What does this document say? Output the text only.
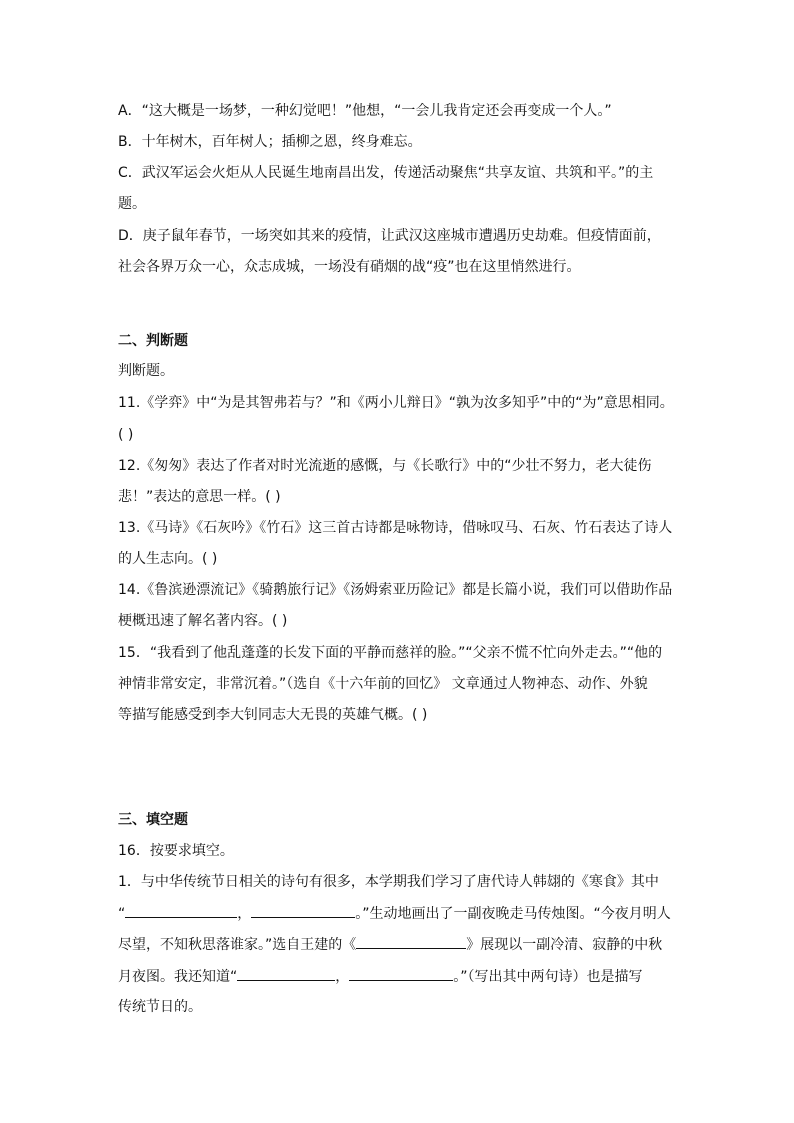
A．“这大概是一场梦，一种幻觉吧！”他想，“一会儿我肯定还会再变成一个人。”
B．十年树木，百年树人；插柳之恩，终身难忘。
C．武汉军运会火炬从人民诞生地南昌出发，传递活动聚焦“共享友谊、共筑和平。”的主
题。
D．庚子鼠年春节，一场突如其来的疫情，让武汉这座城市遭遇历史劫难。但疫情面前，
社会各界万众一心，众志成城，一场没有硝烟的战“疫”也在这里悄然进行。
二、判断题
判断题。
11.《学弈》中“为是其智弗若与？”和《两小儿辩日》“孰为汝多知乎”中的“为”意思相同。
( )
12.《匆匆》表达了作者对时光流逝的感慨，与《长歌行》中的“少壮不努力，老大徒伤
悲！”表达的意思一样。( )
13.《马诗》《石灰吟》《竹石》这三首古诗都是咏物诗，借咏叹马、石灰、竹石表达了诗人
的人生志向。( )
14.《鲁滨逊漂流记》《骑鹅旅行记》《汤姆索亚历险记》都是长篇小说，我们可以借助作品
梗概迅速了解名著内容。( )
15．“我看到了他乱蓬蓬的长发下面的平静而慈祥的脸。”“父亲不慌不忙向外走去。”“他的
神情非常安定，非常沉着。”（选自《十六年前的回忆》 文章通过人物神态、动作、外貌
等描写能感受到李大钊同志大无畏的英雄气概。( )
三、填空题
16．按要求填空。
1．与中华传统节日相关的诗句有很多，本学期我们学习了唐代诗人韩翃的《寒食》其中
“	，	。”生动地画出了一副夜晚走马传烛图。“今夜月明人
尽望，不知秋思落谁家。”选自王建的《	》展现以一副冷清、寂静的中秋
月夜图。我还知道“	，	。”（写出其中两句诗）也是描写
传统节日的。
